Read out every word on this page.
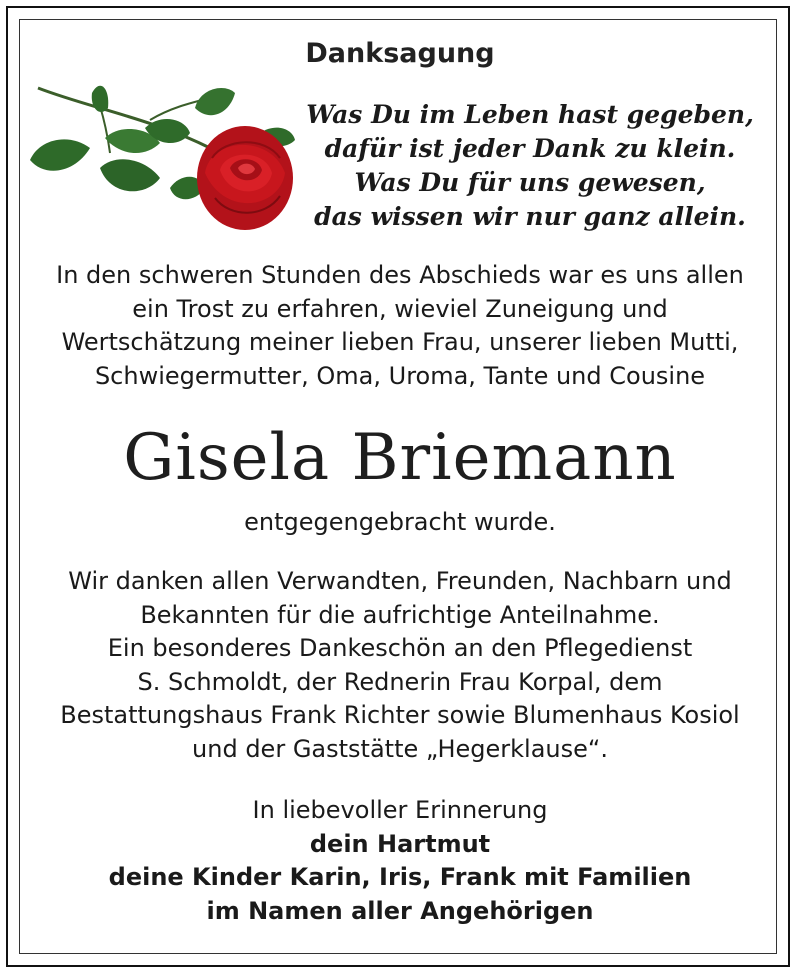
Danksagung
Was Du im Leben hast gegeben,
dafür ist jeder Dank zu klein.
Was Du für uns gewesen,
das wissen wir nur ganz allein.
In den schweren Stunden des Abschieds war es uns allen
ein Trost zu erfahren, wieviel Zuneigung und
Wertschätzung meiner lieben Frau, unserer lieben Mutti,
Schwiegermutter, Oma, Uroma, Tante und Cousine
Gisela Briemann
entgegengebracht wurde.
Wir danken allen Verwandten, Freunden, Nachbarn und
Bekannten für die aufrichtige Anteilnahme.
Ein besonderes Dankeschön an den Pflegedienst
S. Schmoldt, der Rednerin Frau Korpal, dem
Bestattungshaus Frank Richter sowie Blumenhaus Kosiol
und der Gaststätte „Hegerklause“.
In liebevoller Erinnerung
dein Hartmut
deine Kinder Karin, Iris, Frank mit Familien
im Namen aller Angehörigen
